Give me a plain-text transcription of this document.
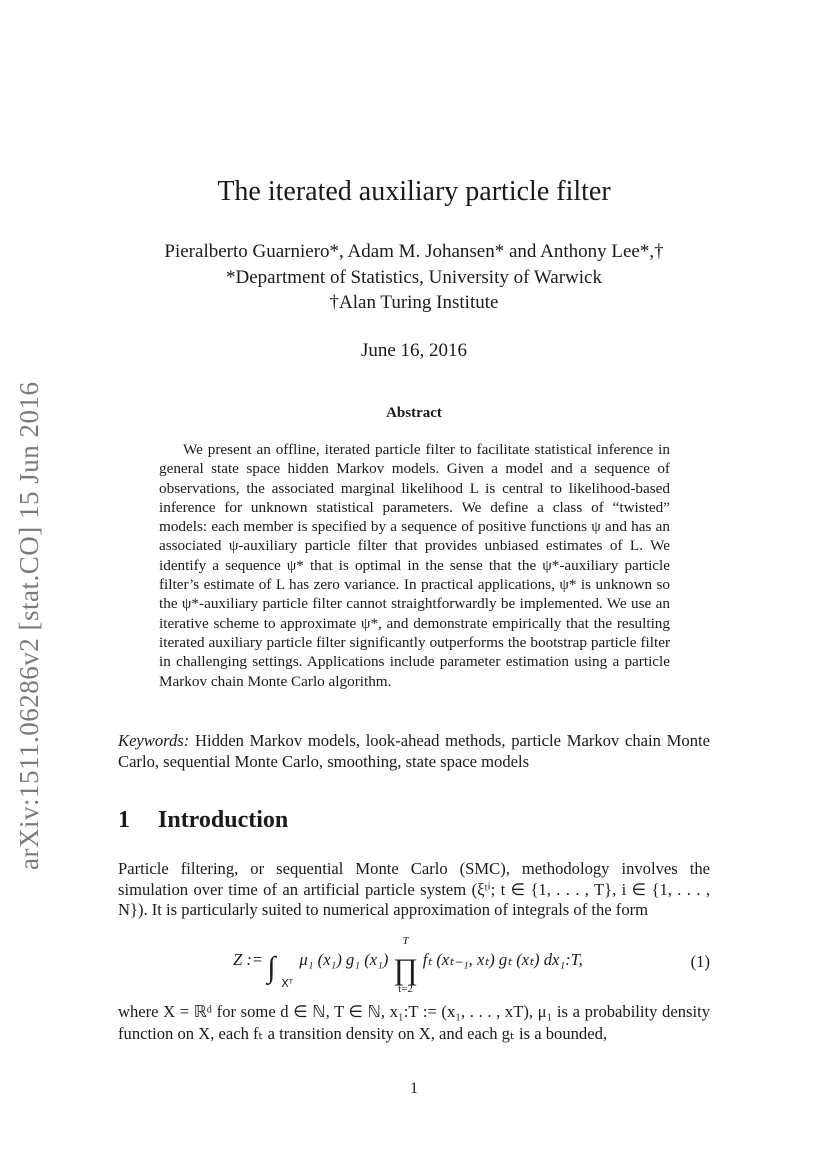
arXiv:1511.06286v2 [stat.CO] 15 Jun 2016
The iterated auxiliary particle filter
Pieralberto Guarniero*, Adam M. Johansen* and Anthony Lee*,†
*Department of Statistics, University of Warwick
†Alan Turing Institute
June 16, 2016
Abstract

We present an offline, iterated particle filter to facilitate statistical inference in general state space hidden Markov models. Given a model and a sequence of observations, the associated marginal likelihood L is central to likelihood-based inference for unknown statistical parameters. We define a class of “twisted” models: each member is specified by a sequence of positive functions ψ and has an associated ψ-auxiliary particle filter that provides unbiased estimates of L. We identify a sequence ψ* that is optimal in the sense that the ψ*-auxiliary particle filter’s estimate of L has zero variance. In practical applications, ψ* is unknown so the ψ*-auxiliary particle filter cannot straightforwardly be implemented. We use an iterative scheme to approximate ψ*, and demonstrate empirically that the resulting iterated auxiliary particle filter significantly outperforms the bootstrap particle filter in challenging settings. Applications include parameter estimation using a particle Markov chain Monte Carlo algorithm.

Keywords: Hidden Markov models, look-ahead methods, particle Markov chain Monte Carlo, sequential Monte Carlo, smoothing, state space models
1 Introduction

Particle filtering, or sequential Monte Carlo (SMC), methodology involves the simulation over time of an artificial particle system (ξᵗⁱ; t ∈ {1, . . . , T}, i ∈ {1, . . . , N}). It is particularly suited to numerical approximation of integrals of the form

Z := ∫ Xᵀ
μ₁ (x₁) g₁ (x₁)
T
∏
t=2
fₜ (xₜ₋₁, xₜ) gₜ (xₜ) dx₁:T,	(1)

where X = ℝᵈ for some d ∈ ℕ, T ∈ ℕ, x₁:T := (x₁, . . . , xT), μ₁ is a probability density function on X, each fₜ a transition density on X, and each gₜ is a bounded,

1
